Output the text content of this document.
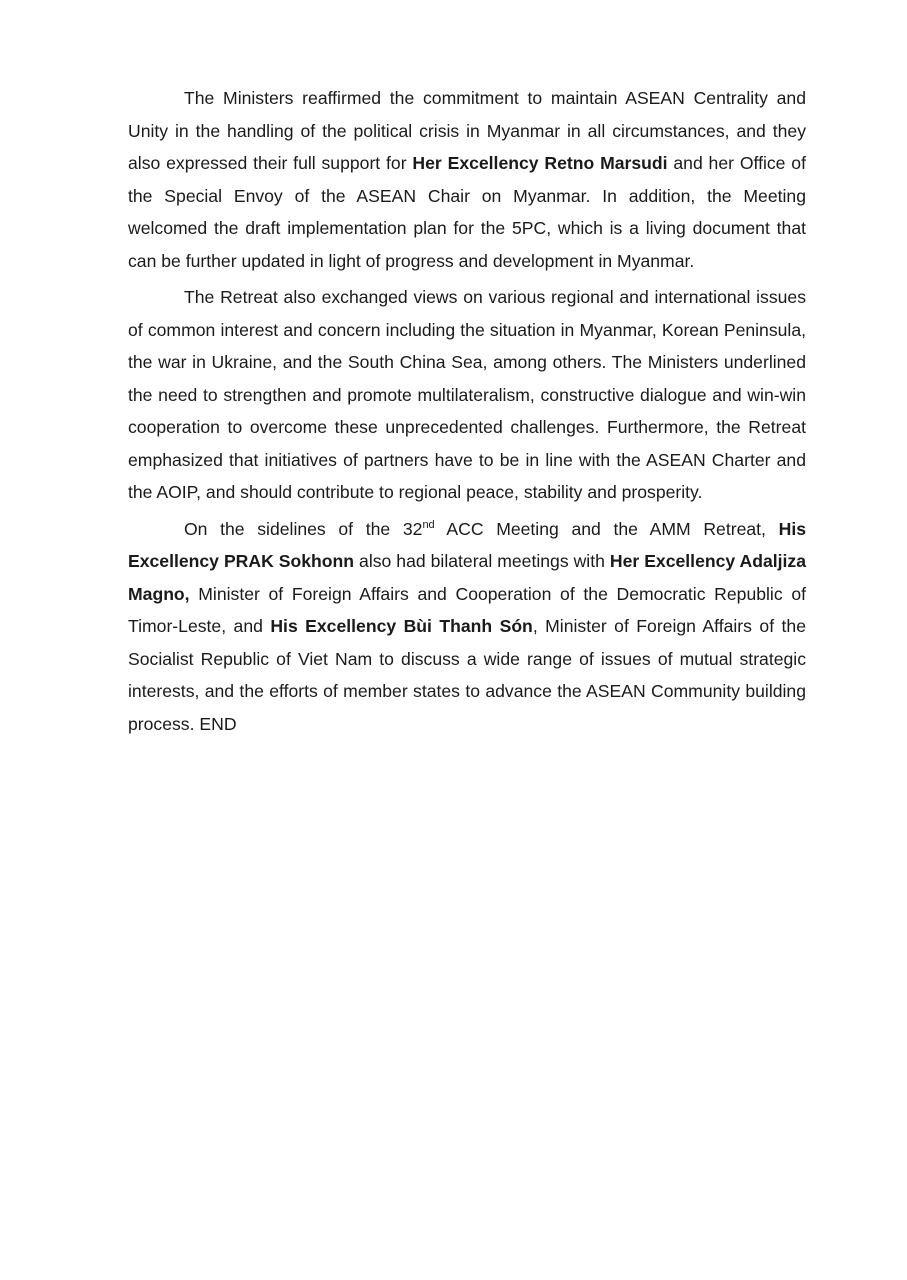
The Ministers reaffirmed the commitment to maintain ASEAN Centrality and Unity in the handling of the political crisis in Myanmar in all circumstances, and they also expressed their full support for Her Excellency Retno Marsudi and her Office of the Special Envoy of the ASEAN Chair on Myanmar. In addition, the Meeting welcomed the draft implementation plan for the 5PC, which is a living document that can be further updated in light of progress and development in Myanmar.

The Retreat also exchanged views on various regional and international issues of common interest and concern including the situation in Myanmar, Korean Peninsula, the war in Ukraine, and the South China Sea, among others. The Ministers underlined the need to strengthen and promote multilateralism, constructive dialogue and win-win cooperation to overcome these unprecedented challenges. Furthermore, the Retreat emphasized that initiatives of partners have to be in line with the ASEAN Charter and the AOIP, and should contribute to regional peace, stability and prosperity.

On the sidelines of the 32nd ACC Meeting and the AMM Retreat, His Excellency PRAK Sokhonn also had bilateral meetings with Her Excellency Adaljiza Magno, Minister of Foreign Affairs and Cooperation of the Democratic Republic of Timor-Leste, and His Excellency Bùi Thanh Són, Minister of Foreign Affairs of the Socialist Republic of Viet Nam to discuss a wide range of issues of mutual strategic interests, and the efforts of member states to advance the ASEAN Community building process. END
